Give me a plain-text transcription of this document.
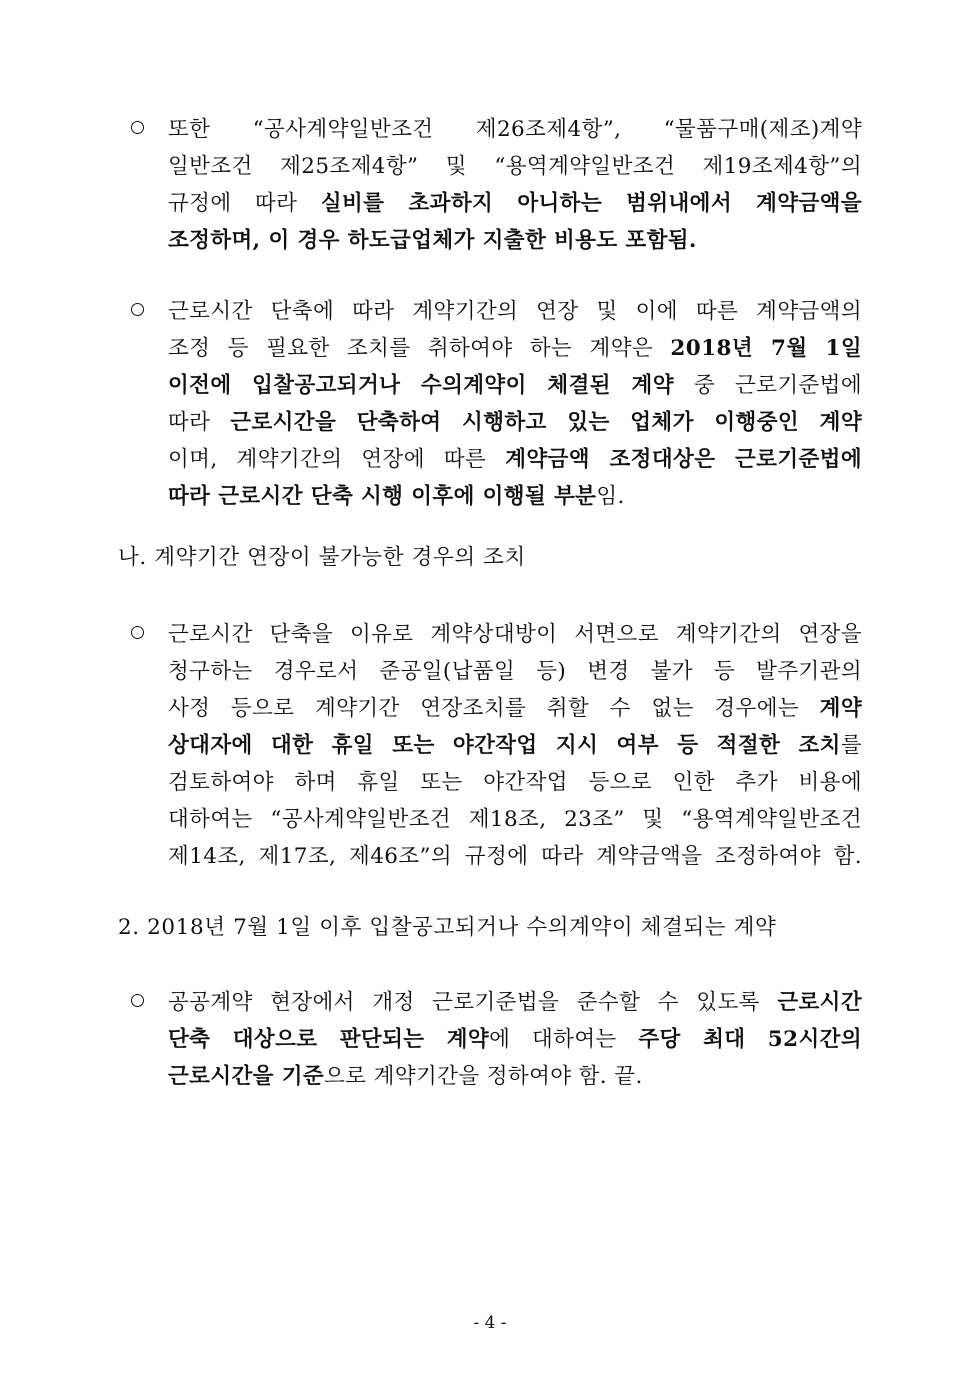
또한 “공사계약일반조건 제26조제4항”, “물품구매(제조)계약
일반조건 제25조제4항” 및 “용역계약일반조건 제19조제4항”의
규정에 따라 실비를 초과하지 아니하는 범위내에서 계약금액을
조정하며, 이 경우 하도급업체가 지출한 비용도 포함됨.
근로시간 단축에 따라 계약기간의 연장 및 이에 따른 계약금액의
조정 등 필요한 조치를 취하여야 하는 계약은 2018년 7월 1일
이전에 입찰공고되거나 수의계약이 체결된 계약 중 근로기준법에
따라 근로시간을 단축하여 시행하고 있는 업체가 이행중인 계약
이며, 계약기간의 연장에 따른 계약금액 조정대상은 근로기준법에
따라 근로시간 단축 시행 이후에 이행될 부분임.
나. 계약기간 연장이 불가능한 경우의 조치
근로시간 단축을 이유로 계약상대방이 서면으로 계약기간의 연장을
청구하는 경우로서 준공일(납품일 등) 변경 불가 등 발주기관의
사정 등으로 계약기간 연장조치를 취할 수 없는 경우에는 계약
상대자에 대한 휴일 또는 야간작업 지시 여부 등 적절한 조치를
검토하여야 하며 휴일 또는 야간작업 등으로 인한 추가 비용에
대하여는 “공사계약일반조건 제18조, 23조” 및 “용역계약일반조건
제14조, 제17조, 제46조”의 규정에 따라 계약금액을 조정하여야 함.
2. 2018년 7월 1일 이후 입찰공고되거나 수의계약이 체결되는 계약
공공계약 현장에서 개정 근로기준법을 준수할 수 있도록 근로시간
단축 대상으로 판단되는 계약에 대하여는 주당 최대 52시간의
근로시간을 기준으로 계약기간을 정하여야 함. 끝.
- 4 -
